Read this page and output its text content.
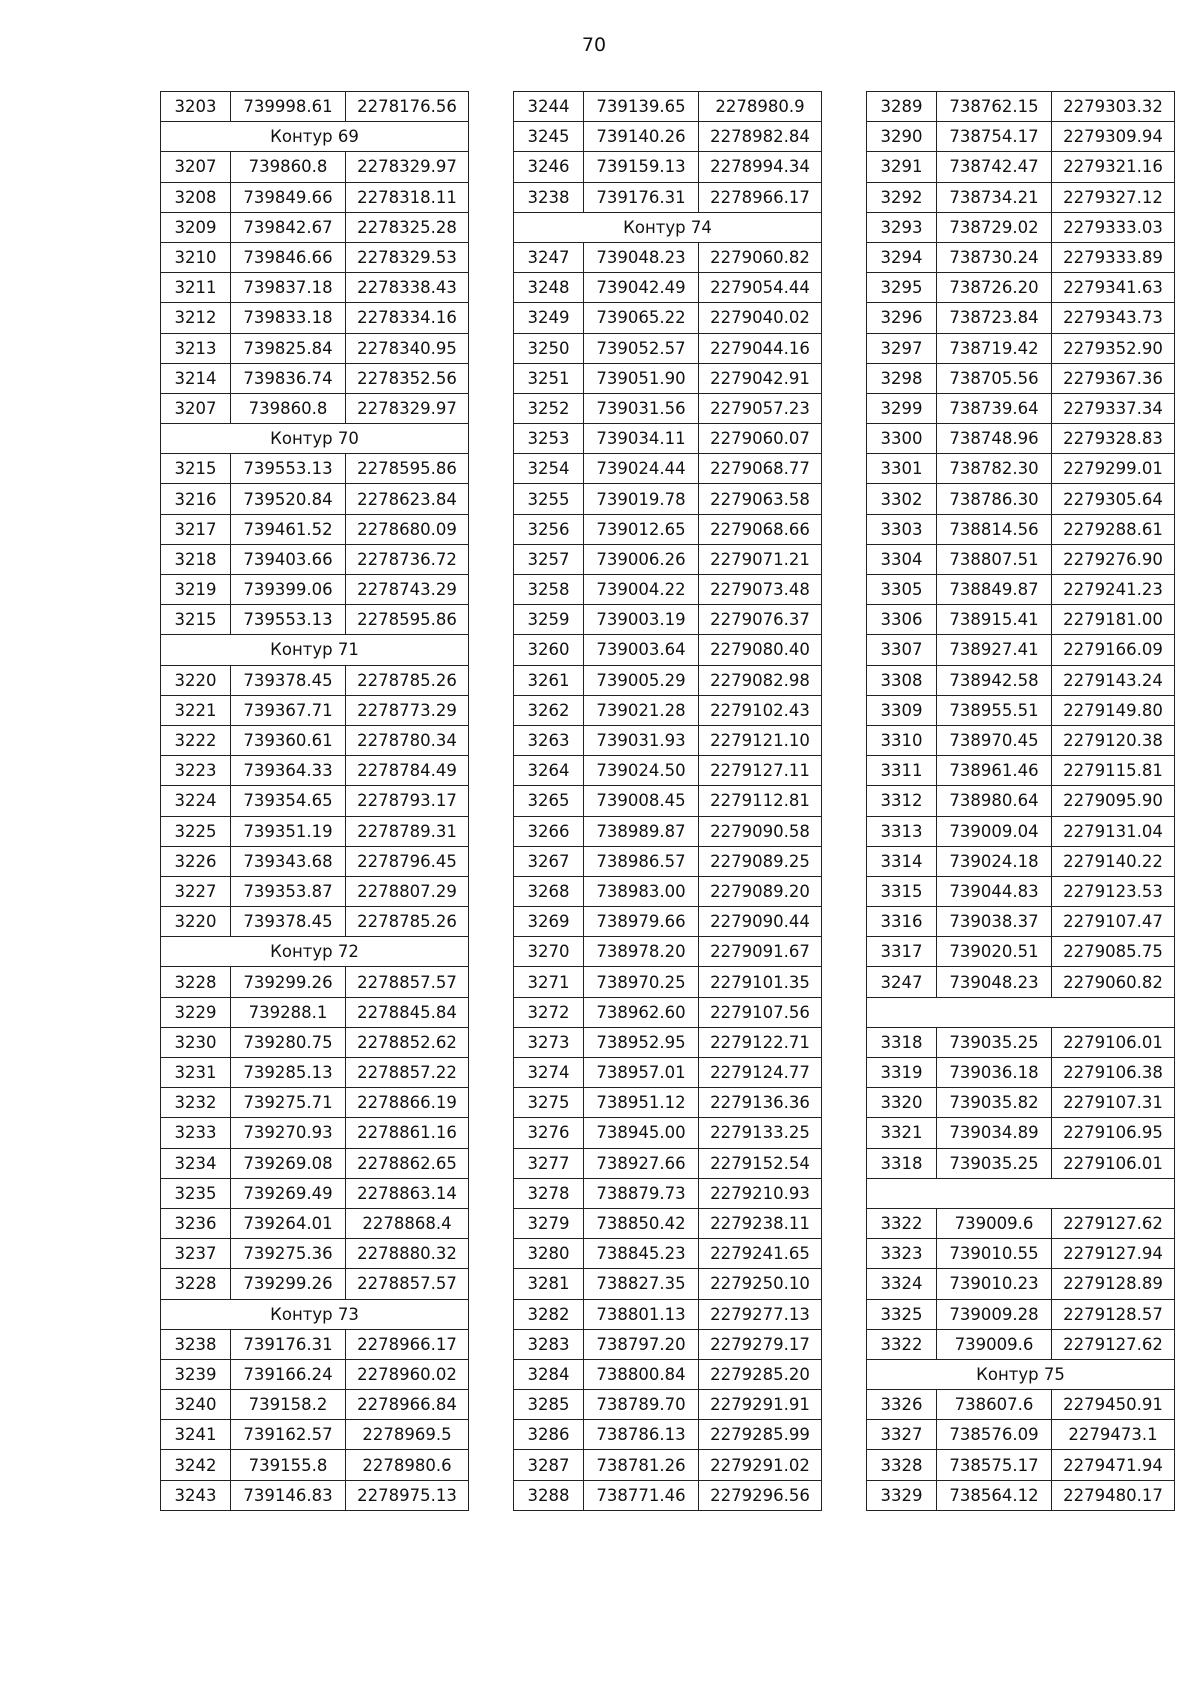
70
3203	739998.61	2278176.56
Контур 69		
3207	739860.8	2278329.97
3208	739849.66	2278318.11
3209	739842.67	2278325.28
3210	739846.66	2278329.53
3211	739837.18	2278338.43
3212	739833.18	2278334.16
3213	739825.84	2278340.95
3214	739836.74	2278352.56
3207	739860.8	2278329.97
Контур 70		
3215	739553.13	2278595.86
3216	739520.84	2278623.84
3217	739461.52	2278680.09
3218	739403.66	2278736.72
3219	739399.06	2278743.29
3215	739553.13	2278595.86
Контур 71		
3220	739378.45	2278785.26
3221	739367.71	2278773.29
3222	739360.61	2278780.34
3223	739364.33	2278784.49
3224	739354.65	2278793.17
3225	739351.19	2278789.31
3226	739343.68	2278796.45
3227	739353.87	2278807.29
3220	739378.45	2278785.26
Контур 72		
3228	739299.26	2278857.57
3229	739288.1	2278845.84
3230	739280.75	2278852.62
3231	739285.13	2278857.22
3232	739275.71	2278866.19
3233	739270.93	2278861.16
3234	739269.08	2278862.65
3235	739269.49	2278863.14
3236	739264.01	2278868.4
3237	739275.36	2278880.32
3228	739299.26	2278857.57
Контур 73		
3238	739176.31	2278966.17
3239	739166.24	2278960.02
3240	739158.2	2278966.84
3241	739162.57	2278969.5
3242	739155.8	2278980.6
3243	739146.83	2278975.13
3244	739139.65	2278980.9
3245	739140.26	2278982.84
3246	739159.13	2278994.34
3238	739176.31	2278966.17
Контур 74		
3247	739048.23	2279060.82
3248	739042.49	2279054.44
3249	739065.22	2279040.02
3250	739052.57	2279044.16
3251	739051.90	2279042.91
3252	739031.56	2279057.23
3253	739034.11	2279060.07
3254	739024.44	2279068.77
3255	739019.78	2279063.58
3256	739012.65	2279068.66
3257	739006.26	2279071.21
3258	739004.22	2279073.48
3259	739003.19	2279076.37
3260	739003.64	2279080.40
3261	739005.29	2279082.98
3262	739021.28	2279102.43
3263	739031.93	2279121.10
3264	739024.50	2279127.11
3265	739008.45	2279112.81
3266	738989.87	2279090.58
3267	738986.57	2279089.25
3268	738983.00	2279089.20
3269	738979.66	2279090.44
3270	738978.20	2279091.67
3271	738970.25	2279101.35
3272	738962.60	2279107.56
3273	738952.95	2279122.71
3274	738957.01	2279124.77
3275	738951.12	2279136.36
3276	738945.00	2279133.25
3277	738927.66	2279152.54
3278	738879.73	2279210.93
3279	738850.42	2279238.11
3280	738845.23	2279241.65
3281	738827.35	2279250.10
3282	738801.13	2279277.13
3283	738797.20	2279279.17
3284	738800.84	2279285.20
3285	738789.70	2279291.91
3286	738786.13	2279285.99
3287	738781.26	2279291.02
3288	738771.46	2279296.56
3289	738762.15	2279303.32
3290	738754.17	2279309.94
3291	738742.47	2279321.16
3292	738734.21	2279327.12
3293	738729.02	2279333.03
3294	738730.24	2279333.89
3295	738726.20	2279341.63
3296	738723.84	2279343.73
3297	738719.42	2279352.90
3298	738705.56	2279367.36
3299	738739.64	2279337.34
3300	738748.96	2279328.83
3301	738782.30	2279299.01
3302	738786.30	2279305.64
3303	738814.56	2279288.61
3304	738807.51	2279276.90
3305	738849.87	2279241.23
3306	738915.41	2279181.00
3307	738927.41	2279166.09
3308	738942.58	2279143.24
3309	738955.51	2279149.80
3310	738970.45	2279120.38
3311	738961.46	2279115.81
3312	738980.64	2279095.90
3313	739009.04	2279131.04
3314	739024.18	2279140.22
3315	739044.83	2279123.53
3316	739038.37	2279107.47
3317	739020.51	2279085.75
3247	739048.23	2279060.82

3318	739035.25	2279106.01
3319	739036.18	2279106.38
3320	739035.82	2279107.31
3321	739034.89	2279106.95
3318	739035.25	2279106.01

3322	739009.6	2279127.62
3323	739010.55	2279127.94
3324	739010.23	2279128.89
3325	739009.28	2279128.57
3322	739009.6	2279127.62
Контур 75		
3326	738607.6	2279450.91
3327	738576.09	2279473.1
3328	738575.17	2279471.94
3329	738564.12	2279480.17
